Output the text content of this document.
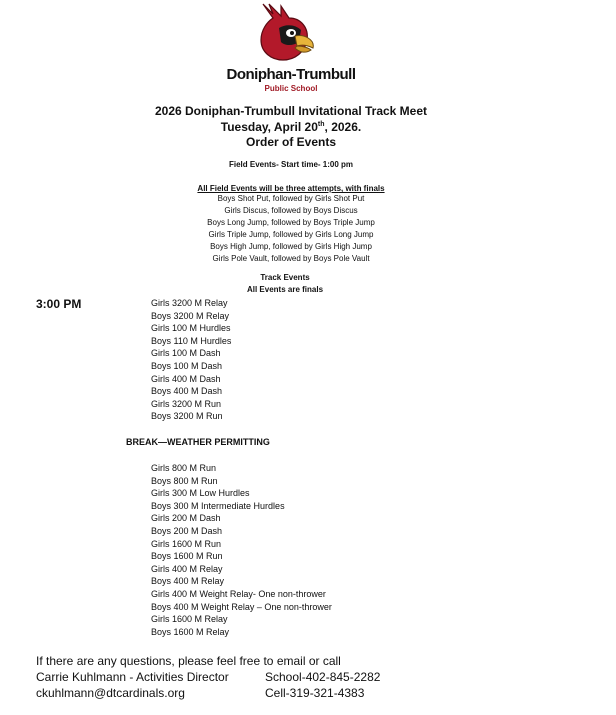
Doniphan-Trumbull
Public School
2026 Doniphan-Trumbull Invitational Track Meet
Tuesday, April 20th, 2026.
Order of Events
Field Events- Start time- 1:00 pm
All Field Events will be three attempts, with finals
Boys Shot Put, followed by Girls Shot Put
Girls Discus, followed by Boys Discus
Boys Long Jump, followed by Boys Triple Jump
Girls Triple Jump, followed by Girls Long Jump
Boys High Jump, followed by Girls High Jump
Girls Pole Vault, followed by Boys Pole Vault
Track Events
All Events are finals
3:00 PM	Girls 3200 M Relay
Boys 3200 M Relay
Girls 100 M Hurdles
Boys 110 M Hurdles
Girls 100 M Dash
Boys 100 M Dash
Girls 400 M Dash
Boys 400 M Dash
Girls 3200 M Run
Boys 3200 M Run
BREAK—WEATHER PERMITTING
Girls 800 M Run
Boys 800 M Run
Girls 300 M Low Hurdles
Boys 300 M Intermediate Hurdles
Girls 200 M Dash
Boys 200 M Dash
Girls 1600 M Run
Boys 1600 M Run
Girls 400 M Relay
Boys 400 M Relay
Girls 400 M Weight Relay- One non-thrower
Boys 400 M Weight Relay – One non-thrower
Girls 1600 M Relay
Boys 1600 M Relay
If there are any questions, please feel free to email or call
Carrie Kuhlmann - Activities Director	School-402-845-2282
ckuhlmann@dtcardinals.org	Cell-319-321-4383
